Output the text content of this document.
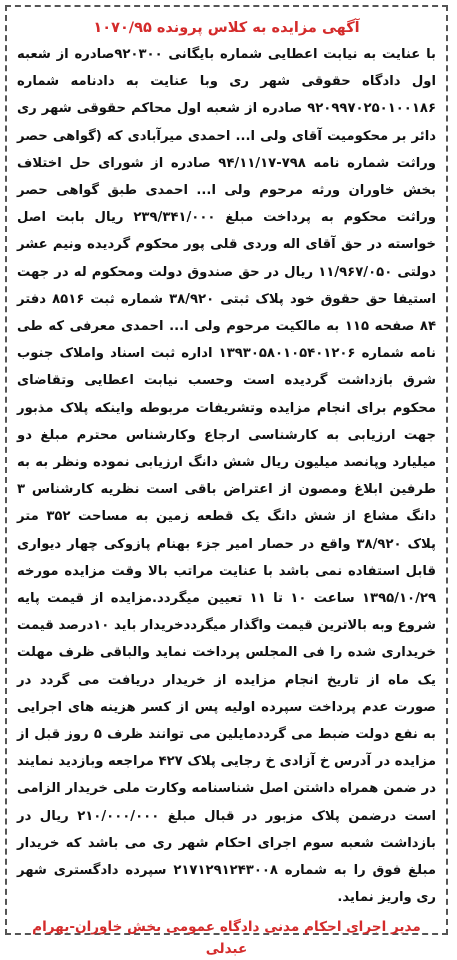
آگهی مزایده به کلاس پرونده ۱۰۷۰/۹۵

با عنایت به نیابت اعطایی شماره بایگانی ۹۲۰۳۰۰صادره از شعبه اول دادگاه حقوقی شهر ری وبا عنایت به دادنامه شماره ۹۲۰۹۹۷۰۲۵۰۱۰۰۱۸۶ صادره از شعبه اول محاکم حقوقی شهر ری دائر بر محکومیت آقای ولی ا... احمدی میرآبادی که (گواهی حصر وراثت شماره نامه ۷۹۸-۹۴/۱۱/۱۷ صادره از شورای حل اختلاف بخش خاوران ورثه مرحوم ولی ا... احمدی طبق گواهی حصر وراثت محکوم به پرداخت مبلغ ۲۳۹/۳۴۱/۰۰۰ ریال بابت اصل خواسته در حق آقای اله وردی قلی پور محکوم گردیده ونیم عشر دولتی ۱۱/۹۶۷/۰۵۰ ریال در حق صندوق دولت ومحکوم له در جهت استیفا حق حقوق خود پلاک ثبتی ۳۸/۹۲۰ شماره ثبت ۸۵۱۶ دفتر ۸۴ صفحه ۱۱۵ به مالکیت مرحوم ولی ا... احمدی معرفی که طی نامه شماره ۱۳۹۳۰۵۸۰۱۰۵۴۰۱۲۰۶ اداره ثبت اسناد واملاک جنوب شرق بازداشت گردیده است وحسب نیابت اعطایی وتقاضای محکوم برای انجام مزایده وتشریفات مربوطه واینکه پلاک مذبور جهت ارزیابی به کارشناسی ارجاع وکارشناس محترم مبلغ دو میلیارد وپانصد میلیون ریال شش دانگ ارزیابی نموده ونظر به به طرفین ابلاغ ومصون از اعتراض باقی است نظریه کارشناس ۳ دانگ مشاع از شش دانگ یک قطعه زمین به مساحت ۳۵۲ متر پلاک ۳۸/۹۲۰ واقع در حصار امیر جزء بهنام پازوکی چهار دیواری قابل استفاده نمی باشد با عنایت مراتب بالا وقت مزایده مورخه ۱۳۹۵/۱۰/۲۹ ساعت ۱۰ تا ۱۱ تعیین میگردد.مزایده از قیمت پایه شروع وبه بالاترین قیمت واگذار میگرددخریدار باید ۱۰درصد قیمت خریداری شده را فی المجلس پرداخت نماید والباقی ظرف مهلت یک ماه از تاریخ انجام مزایده از خریدار دریافت می گردد در صورت عدم پرداخت سپرده اولیه پس از کسر هزینه های اجرایی به نفع دولت ضبط می گرددمایلین می توانند ظرف ۵ روز قبل از مزایده در آدرس خ آزادی خ رجایی پلاک ۴۲۷ مراجعه وبازدید نمایند در ضمن همراه داشتن اصل شناسنامه وکارت ملی خریدار الزامی است درضمن پلاک مزبور در قبال مبلغ ۲۱۰/۰۰۰/۰۰۰ ریال در بازداشت شعبه سوم اجرای احکام شهر ری می باشد که خریدار مبلغ فوق را به شماره ۲۱۷۱۲۹۱۲۴۳۰۰۸ سپرده دادگستری شهر ری واریز نماید.

مدیر اجرای احکام مدنی دادگاه عمومی بخش خاوران-بهرام عبدلی
